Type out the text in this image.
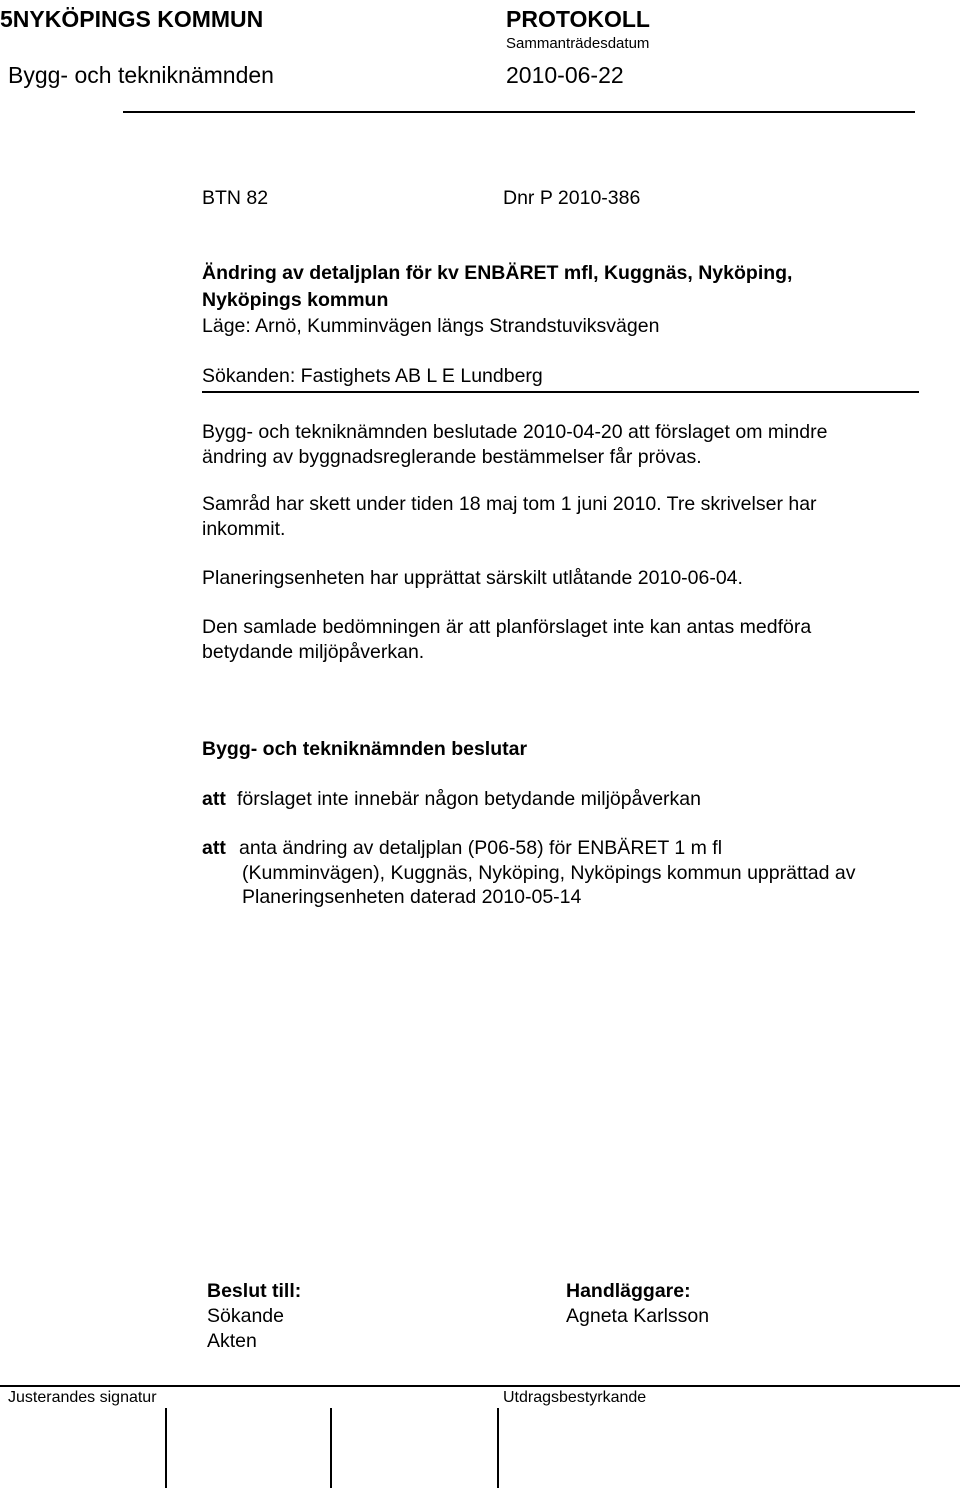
5NYKÖPINGS KOMMUN	PROTOKOLL
Sammanträdesdatum
Bygg- och tekniknämnden	2010-06-22
BTN 82	Dnr P 2010-386
Ändring av detaljplan för kv ENBÄRET mfl, Kuggnäs, Nyköping,
Nyköpings kommun
Läge: Arnö, Kumminvägen längs Strandstuviksvägen
Sökanden: Fastighets AB L E Lundberg
Bygg- och tekniknämnden beslutade 2010-04-20 att förslaget om mindre
ändring av byggnadsreglerande bestämmelser får prövas.
Samråd har skett under tiden 18 maj tom 1 juni 2010. Tre skrivelser har
inkommit.
Planeringsenheten har upprättat särskilt utlåtande 2010-06-04.
Den samlade bedömningen är att planförslaget inte kan antas medföra
betydande miljöpåverkan.
Bygg- och tekniknämnden beslutar
att förslaget inte innebär någon betydande miljöpåverkan
att anta ändring av detaljplan (P06-58) för ENBÄRET 1 m fl
(Kumminvägen), Kuggnäs, Nyköping, Nyköpings kommun upprättad av
Planeringsenheten daterad 2010-05-14
Beslut till:
Sökande
Akten
Handläggare:
Agneta Karlsson
Justerandes signatur	Utdragsbestyrkande
